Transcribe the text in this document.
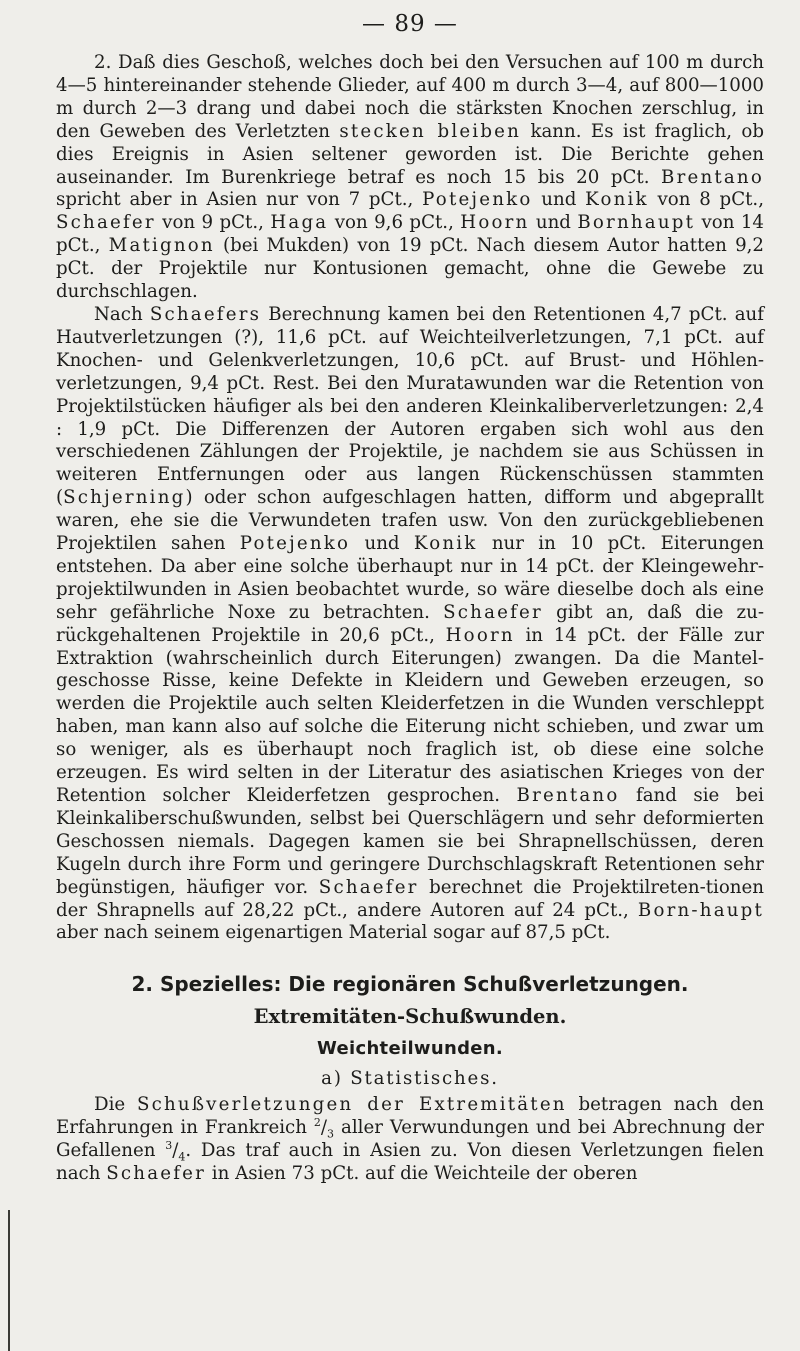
— 89 —

2. Daß dies Geschoß, welches doch bei den Versuchen auf 100 m durch 4—5 hintereinander stehende Glieder, auf 400 m durch 3—4, auf 800—1000 m durch 2—3 drang und dabei noch die stärksten Knochen zerschlug, in den Geweben des Verletzten stecken bleiben kann. Es ist fraglich, ob dies Ereignis in Asien seltener geworden ist. Die Berichte gehen auseinander. Im Burenkriege betraf es noch 15 bis 20 pCt. Brentano spricht aber in Asien nur von 7 pCt., Potejenko und Konik von 8 pCt., Schaefer von 9 pCt., Haga von 9,6 pCt., Hoorn und Bornhaupt von 14 pCt., Matignon (bei Mukden) von 19 pCt. Nach diesem Autor hatten 9,2 pCt. der Projektile nur Kontusionen gemacht, ohne die Gewebe zu durchschlagen.

Nach Schaefers Berechnung kamen bei den Retentionen 4,7 pCt. auf Hautverletzungen (?), 11,6 pCt. auf Weichteilverletzungen, 7,1 pCt. auf Knochen- und Gelenkverletzungen, 10,6 pCt. auf Brust- und Höhlen-verletzungen, 9,4 pCt. Rest. Bei den Muratawunden war die Retention von Projektilstücken häufiger als bei den anderen Kleinkaliberverletzungen: 2,4 : 1,9 pCt. Die Differenzen der Autoren ergaben sich wohl aus den verschiedenen Zählungen der Projektile, je nachdem sie aus Schüssen in weiteren Entfernungen oder aus langen Rückenschüssen stammten (Schjerning) oder schon aufgeschlagen hatten, difform und abgeprallt waren, ehe sie die Verwundeten trafen usw. Von den zurückgebliebenen Projektilen sahen Potejenko und Konik nur in 10 pCt. Eiterungen entstehen. Da aber eine solche überhaupt nur in 14 pCt. der Kleingewehr-projektilwunden in Asien beobachtet wurde, so wäre dieselbe doch als eine sehr gefährliche Noxe zu betrachten. Schaefer gibt an, daß die zu-rückgehaltenen Projektile in 20,6 pCt., Hoorn in 14 pCt. der Fälle zur Extraktion (wahrscheinlich durch Eiterungen) zwangen. Da die Mantel-geschosse Risse, keine Defekte in Kleidern und Geweben erzeugen, so werden die Projektile auch selten Kleiderfetzen in die Wunden verschleppt haben, man kann also auf solche die Eiterung nicht schieben, und zwar um so weniger, als es überhaupt noch fraglich ist, ob diese eine solche erzeugen. Es wird selten in der Literatur des asiatischen Krieges von der Retention solcher Kleiderfetzen gesprochen. Brentano fand sie bei Kleinkaliberschußwunden, selbst bei Querschlägern und sehr deformierten Geschossen niemals. Dagegen kamen sie bei Shrapnellschüssen, deren Kugeln durch ihre Form und geringere Durchschlagskraft Retentionen sehr begünstigen, häufiger vor. Schaefer berechnet die Projektilreten-tionen der Shrapnells auf 28,22 pCt., andere Autoren auf 24 pCt., Born-haupt aber nach seinem eigenartigen Material sogar auf 87,5 pCt.

2. Spezielles: Die regionären Schußverletzungen.
Extremitäten-Schußwunden.
Weichteilwunden.
a) Statistisches.

Die Schußverletzungen der Extremitäten betragen nach den Erfahrungen in Frankreich $^2/_3$ aller Verwundungen und bei Abrechnung der Gefallenen $^3/_4$. Das traf auch in Asien zu. Von diesen Verletzungen fielen nach Schaefer in Asien 73 pCt. auf die Weichteile der oberen
